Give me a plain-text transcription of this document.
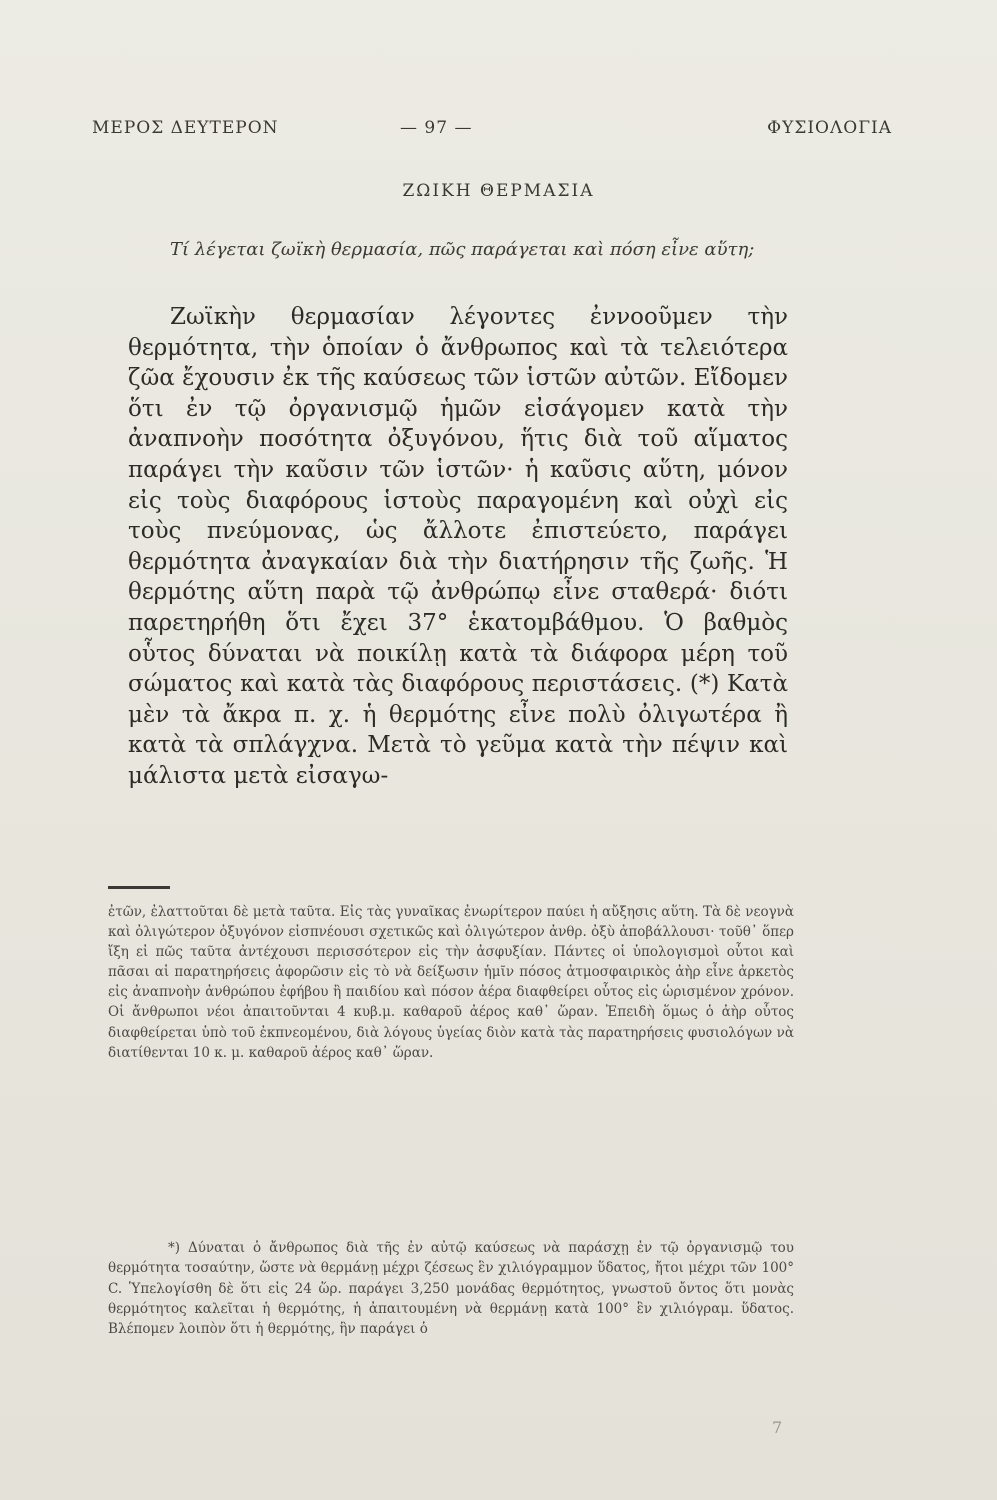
ΜΕΡΟΣ ΔΕΥΤΕΡΟΝ	— 97 —	ΦΥΣΙΟΛΟΓΙΑ
ΖΩΙΚΗ ΘΕΡΜΑΣΙΑ
Τί λέγεται ζωϊκὴ θερμασία, πῶς παράγεται καὶ πόση εἶνε αὕτη;
Ζωϊκὴν θερμασίαν λέγοντες ἐννοοῦμεν τὴν θερμότητα, τὴν ὁποίαν ὁ ἄνθρωπος καὶ τὰ τελειότερα ζῶα ἔχουσιν ἐκ τῆς καύσεως τῶν ἱστῶν αὐτῶν. Εἴδομεν ὅτι ἐν τῷ ὀργανισμῷ ἡμῶν εἰσάγομεν κατὰ τὴν ἀναπνοὴν ποσότητα ὀξυγόνου, ἥτις διὰ τοῦ αἵματος παράγει τὴν καῦσιν τῶν ἱστῶν· ἡ καῦσις αὕτη, μόνον εἰς τοὺς διαφόρους ἱστοὺς παραγομένη καὶ οὐχὶ εἰς τοὺς πνεύμονας, ὡς ἄλλοτε ἐπιστεύετο, παράγει θερμότητα ἀναγκαίαν διὰ τὴν διατήρησιν τῆς ζωῆς. Ἡ θερμότης αὕτη παρὰ τῷ ἀνθρώπῳ εἶνε σταθερά· διότι παρετηρήθη ὅτι ἔχει 37° ἑκατομβάθμου. Ὁ βαθμὸς οὗτος δύναται νὰ ποικίλῃ κατὰ τὰ διάφορα μέρη τοῦ σώματος καὶ κατὰ τὰς διαφόρους περιστάσεις. (*) Κατὰ μὲν τὰ ἄκρα π. χ. ἡ θερμότης εἶνε πολὺ ὀλιγωτέρα ἢ κατὰ τὰ σπλάγχνα. Μετὰ τὸ γεῦμα κατὰ τὴν πέψιν καὶ μάλιστα μετὰ εἰσαγω-
ἐτῶν, ἐλαττοῦται δὲ μετὰ ταῦτα. Εἰς τὰς γυναῖκας ἐνωρίτερον παύει ἡ αὔξησις αὕτη. Τὰ δὲ νεογνὰ καὶ ὀλιγώτερον ὀξυγόνον εἰσπνέουσι σχετικῶς καὶ ὀλιγώτερον ἀνθρ. ὀξὺ ἀποβάλλουσι· τοῦθ᾽ ὅπερ ἴξη εἰ πῶς ταῦτα ἀντέχουσι περισσότερον εἰς τὴν ἀσφυξίαν. Πάντες οἱ ὑπολογισμοὶ οὗτοι καὶ πᾶσαι αἱ παρατηρήσεις ἀφορῶσιν εἰς τὸ νὰ δείξωσιν ἡμῖν πόσος ἀτμοσφαιρικὸς ἀὴρ εἶνε ἀρκετὸς εἰς ἀναπνοὴν ἀνθρώπου ἐφήβου ἢ παιδίου καὶ πόσον ἀέρα διαφθείρει οὗτος εἰς ὡρισμένον χρόνον. Οἱ ἄνθρωποι νέοι ἀπαιτοῦνται 4 κυβ.μ. καθαροῦ ἀέρος καθ᾽ ὥραν. Ἐπειδὴ ὅμως ὁ ἀὴρ οὗτος διαφθείρεται ὑπὸ τοῦ ἐκπνεομένου, διὰ λόγους ὑγείας διὸν κατὰ τὰς παρατηρήσεις φυσιολόγων νὰ διατίθενται 10 κ. μ. καθαροῦ ἀέρος καθ᾽ ὥραν.
*) Δύναται ὁ ἄνθρωπος διὰ τῆς ἐν αὐτῷ καύσεως νὰ παράσχῃ ἐν τῷ ὀργανισμῷ του θερμότητα τοσαύτην, ὥστε νὰ θερμάνῃ μέχρι ζέσεως ἓν χιλιόγραμμον ὕδατος, ἤτοι μέχρι τῶν 100° C. Ὑπελογίσθη δὲ ὅτι εἰς 24 ὥρ. παράγει 3,250 μονάδας θερμότητος, γνωστοῦ ὄντος ὅτι μονὰς θερμότητος καλεῖται ἡ θερμότης, ἡ ἀπαιτουμένη νὰ θερμάνῃ κατὰ 100° ἓν χιλιόγραμ. ὕδατος. Βλέπομεν λοιπὸν ὅτι ἡ θερμότης, ἣν παράγει ὁ
7
